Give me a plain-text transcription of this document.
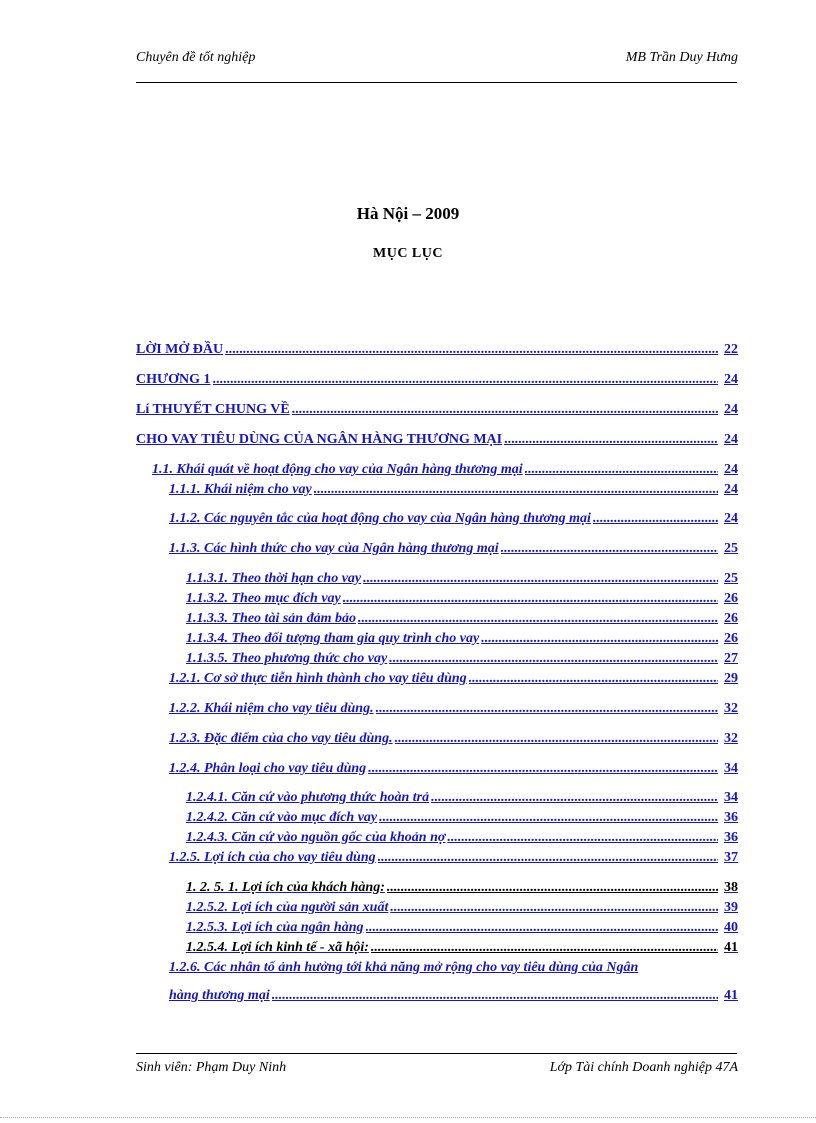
Chuyên đề tốt nghiệp	MB Trần Duy Hưng
Hà Nội – 2009
MỤC LỤC
LỜI MỞ ĐẦU .....	22
CHƯƠNG 1 .....	24
Lí THUYẾT CHUNG VỀ .....	24
CHO VAY TIÊU DÙNG CỦA NGÂN HÀNG THƯƠNG MẠI .....	24
1.1. Khái quát về hoạt động cho vay của Ngân hàng thương mại .....	24
1.1.1. Khái niệm cho vay .....	24
1.1.2. Các nguyên tắc của hoạt động cho vay của Ngân hàng thương mại .....	24
1.1.3. Các hình thức cho vay của Ngân hàng thương mại .....	25
1.1.3.1. Theo thời hạn cho vay .....	25
1.1.3.2. Theo mục đích vay .....	26
1.1.3.3. Theo tài sản đảm bảo .....	26
1.1.3.4. Theo đối tượng tham gia quy trình cho vay .....	26
1.1.3.5. Theo phương thức cho vay .....	27
1.2.1. Cơ sở thực tiễn hình thành cho vay tiêu dùng .....	29
1.2.2. Khái niệm cho vay tiêu dùng. .....	32
1.2.3. Đặc điểm của cho vay tiêu dùng. .....	32
1.2.4. Phân loại cho vay tiêu dùng .....	34
1.2.4.1. Căn cứ vào phương thức hoàn trả .....	34
1.2.4.2. Căn cứ vào mục đích vay .....	36
1.2.4.3. Căn cứ vào nguồn gốc của khoản nợ .....	36
1.2.5. Lợi ích của cho vay tiêu dùng .....	37
1. 2. 5. 1. Lợi ích của khách hàng: .....	38
1.2.5.2. Lợi ích của người sản xuất .....	39
1.2.5.3. Lợi ích của ngân hàng .....	40
1.2.5.4. Lợi ích kinh tế - xã hội: .....	41
1.2.6. Các nhân tố ảnh hưởng tới khả năng mở rộng cho vay tiêu dùng của Ngân
hàng thương mại .....	41
Sinh viên: Phạm Duy Ninh	Lớp Tài chính Doanh nghiệp 47A
